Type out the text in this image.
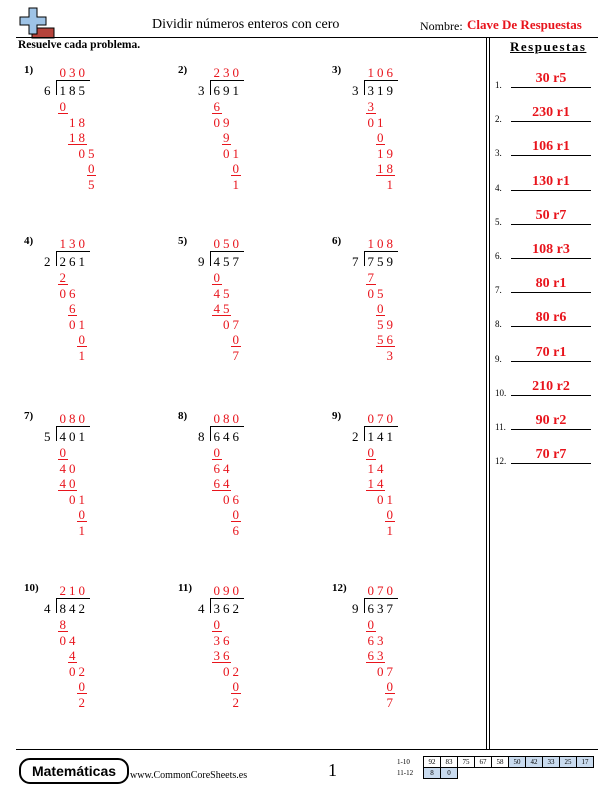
Dividir números enteros con cero	Nombre: Clave De Respuestas
Resuelve cada problema.	Respuestas
1.	30 r5
2.	230 r1
3.	106 r1
4.	130 r1
5.	50 r7
6.	108 r3
7.	80 r1
8.	80 r6
9.	70 r1
10.	210 r2
11.	90 r2
12.	70 r7
1) 0 3 0
6 1 8 5
0
1 8
1 8
0 5
0
5
2) 2 3 0
3 6 9 1
6
0 9
9
0 1
0
1
3) 1 0 6
3 3 1 9
3
0 1
0
1 9
1 8
1
4) 1 3 0
2 2 6 1
2
0 6
6
0 1
0
1
5) 0 5 0
9 4 5 7
0
4 5
4 5
0 7
0
7
6) 1 0 8
7 7 5 9
7
0 5
0
5 9
5 6
3
7) 0 8 0
5 4 0 1
0
4 0
4 0
0 1
0
1
8) 0 8 0
8 6 4 6
0
6 4
6 4
0 6
0
6
9) 0 7 0
2 1 4 1
0
1 4
1 4
0 1
0
1
10) 2 1 0
4 8 4 2
8
0 4
4
0 2
0
2
11) 0 9 0
4 3 6 2
0
3 6
3 6
0 2
0
2
12) 0 7 0
9 6 3 7
0
6 3
6 3
0 7
0
7
Matemáticas	www.CommonCoreSheets.es	1	1-10	92	83	75	67	58	50	42	33	25	17
11-12	8	0								
